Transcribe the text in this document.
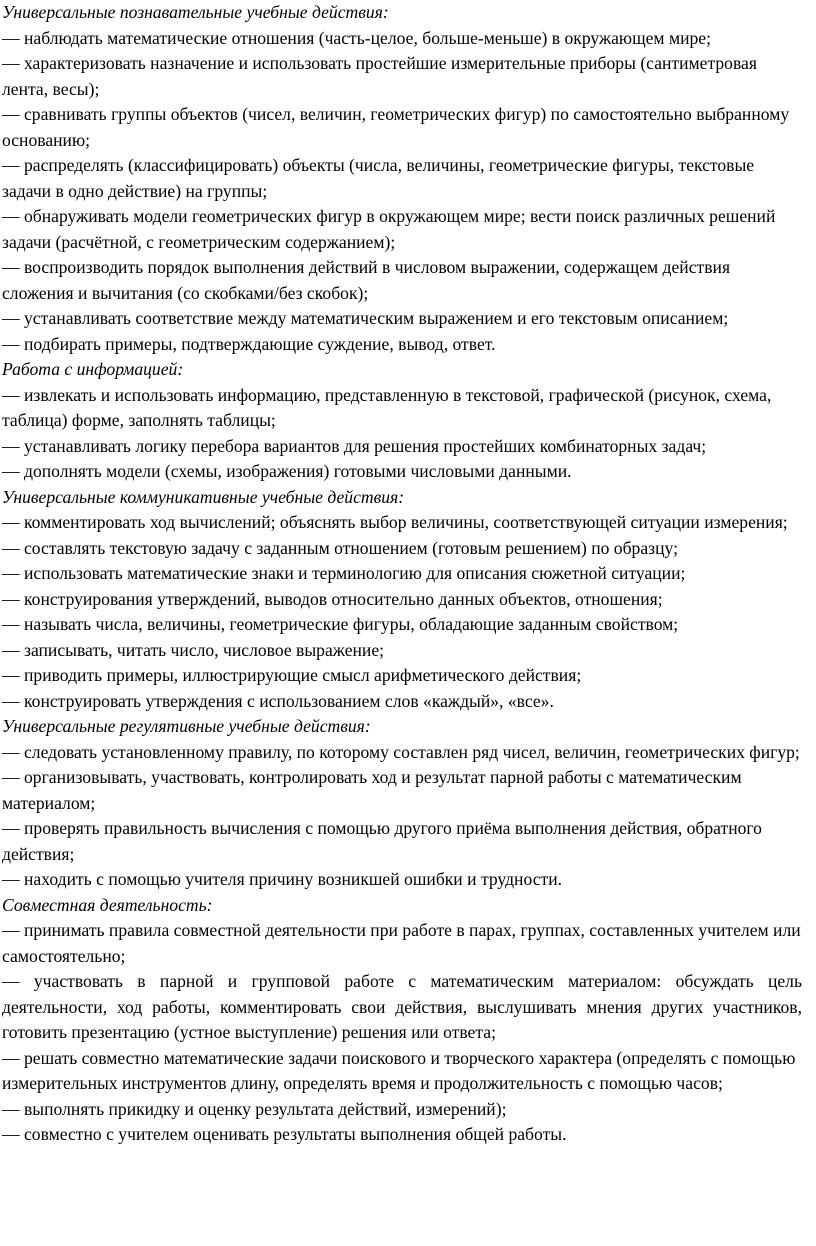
Универсальные познавательные учебные действия:

— наблюдать математические отношения (часть-целое, больше-меньше) в окружающем мире;

— характеризовать назначение и использовать простейшие измерительные приборы (сантиметровая лента, весы);

— сравнивать группы объектов (чисел, величин, геометрических фигур) по самостоятельно выбранному основанию;

— распределять (классифицировать) объекты (числа, величины, геометрические фигуры, текстовые задачи в одно действие) на группы;

— обнаруживать модели геометрических фигур в окружающем мире; вести поиск различных решений задачи (расчётной, с геометрическим содержанием);

— воспроизводить порядок выполнения действий в числовом выражении, содержащем действия сложения и вычитания (со скобками/без скобок);

— устанавливать соответствие между математическим выражением и его текстовым описанием;

— подбирать примеры, подтверждающие суждение, вывод, ответ.

Работа с информацией:

— извлекать и использовать информацию, представленную в текстовой, графической (рисунок, схема, таблица) форме, заполнять таблицы;

— устанавливать логику перебора вариантов для решения простейших комбинаторных задач;

— дополнять модели (схемы, изображения) готовыми числовыми данными.

Универсальные коммуникативные учебные действия:

— комментировать ход вычислений; объяснять выбор величины, соответствующей ситуации измерения;

— составлять текстовую задачу с заданным отношением (готовым решением) по образцу;

— использовать математические знаки и терминологию для описания сюжетной ситуации;

— конструирования утверждений, выводов относительно данных объектов, отношения;

— называть числа, величины, геометрические фигуры, обладающие заданным свойством;

— записывать, читать число, числовое выражение;

— приводить примеры, иллюстрирующие смысл арифметического действия;

— конструировать утверждения с использованием слов «каждый», «все».

Универсальные регулятивные учебные действия:

— следовать установленному правилу, по которому составлен ряд чисел, величин, геометрических фигур;

— организовывать, участвовать, контролировать ход и результат парной работы с математическим материалом;

— проверять правильность вычисления с помощью другого приёма выполнения действия, обратного действия;

— находить с помощью учителя причину возникшей ошибки и трудности.

Совместная деятельность:

— принимать правила совместной деятельности при работе в парах, группах, составленных учителем или самостоятельно;

— участвовать в парной и групповой работе с математическим материалом: обсуждать цель деятельности, ход работы, комментировать свои действия, выслушивать мнения других участников, готовить презентацию (устное выступление) решения или ответа;

— решать совместно математические задачи поискового и творческого характера (определять с помощью измерительных инструментов длину, определять время и продолжительность с помощью часов;

— выполнять прикидку и оценку результата действий, измерений);

— совместно с учителем оценивать результаты выполнения общей работы.
